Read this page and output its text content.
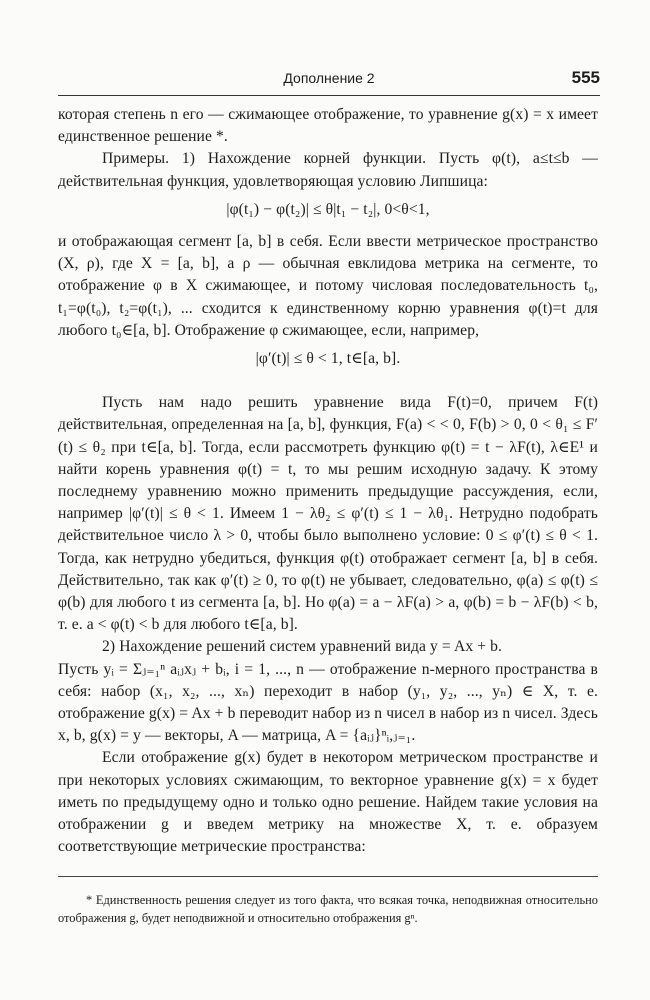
Дополнение 2	555

которая степень n его — сжимающее отображение, то уравнение g(x) = x имеет единственное решение *.

Примеры. 1) Нахождение корней функции. Пусть φ(t), a≤t≤b — действительная функция, удовлетворяющая условию Липшица:

|φ(t₁) − φ(t₂)| ≤ θ|t₁ − t₂|, 0<θ<1,

и отображающая сегмент [a, b] в себя. Если ввести метрическое пространство (X, ρ), где X = [a, b], а ρ — обычная евклидова метрика на сегменте, то отображение φ в X сжимающее, и потому числовая последовательность t₀, t₁=φ(t₀), t₂=φ(t₁), ... сходится к единственному корню уравнения φ(t)=t для любого t₀∈[a, b]. Отображение φ сжимающее, если, например,

|φ′(t)| ≤ θ < 1, t∈[a, b].

Пусть нам надо решить уравнение вида F(t)=0, причем F(t) действительная, определенная на [a, b], функция, F(a) < < 0, F(b) > 0, 0 < θ₁ ≤ F′(t) ≤ θ₂ при t∈[a, b]. Тогда, если рассмотреть функцию φ(t) = t − λF(t), λ∈E¹ и найти корень уравнения φ(t) = t, то мы решим исходную задачу. К этому последнему уравнению можно применить предыдущие рассуждения, если, например |φ′(t)| ≤ θ < 1. Имеем 1 − λθ₂ ≤ φ′(t) ≤ 1 − λθ₁. Нетрудно подобрать действительное число λ > 0, чтобы было выполнено условие: 0 ≤ φ′(t) ≤ θ < 1. Тогда, как нетрудно убедиться, функция φ(t) отображает сегмент [a, b] в себя. Действительно, так как φ′(t) ≥ 0, то φ(t) не убывает, следовательно, φ(a) ≤ φ(t) ≤ φ(b) для любого t из сегмента [a, b]. Но φ(a) = a − λF(a) > a, φ(b) = b − λF(b) < b, т. е. a < φ(t) < b для любого t∈[a, b].

2) Нахождение решений систем уравнений вида y = Ax + b.

Пусть yᵢ = Σⱼ₌₁ⁿ aᵢⱼxⱼ + bᵢ, i = 1, ..., n — отображение n-мерного пространства в себя: набор (x₁, x₂, ..., xₙ) переходит в набор (y₁, y₂, ..., yₙ) ∈ X, т. е. отображение g(x) = Ax + b переводит набор из n чисел в набор из n чисел. Здесь x, b, g(x) = y — векторы, A — матрица, A = {aᵢⱼ}ⁿᵢ,ⱼ₌₁.

Если отображение g(x) будет в некотором метрическом пространстве и при некоторых условиях сжимающим, то векторное уравнение g(x) = x будет иметь по предыдущему одно и только одно решение. Найдем такие условия на отображении g и введем метрику на множестве X, т. е. образуем соответствующие метрические пространства:

* Единственность решения следует из того факта, что всякая точка, неподвижная относительно отображения g, будет неподвижной и относительно отображения gⁿ.
